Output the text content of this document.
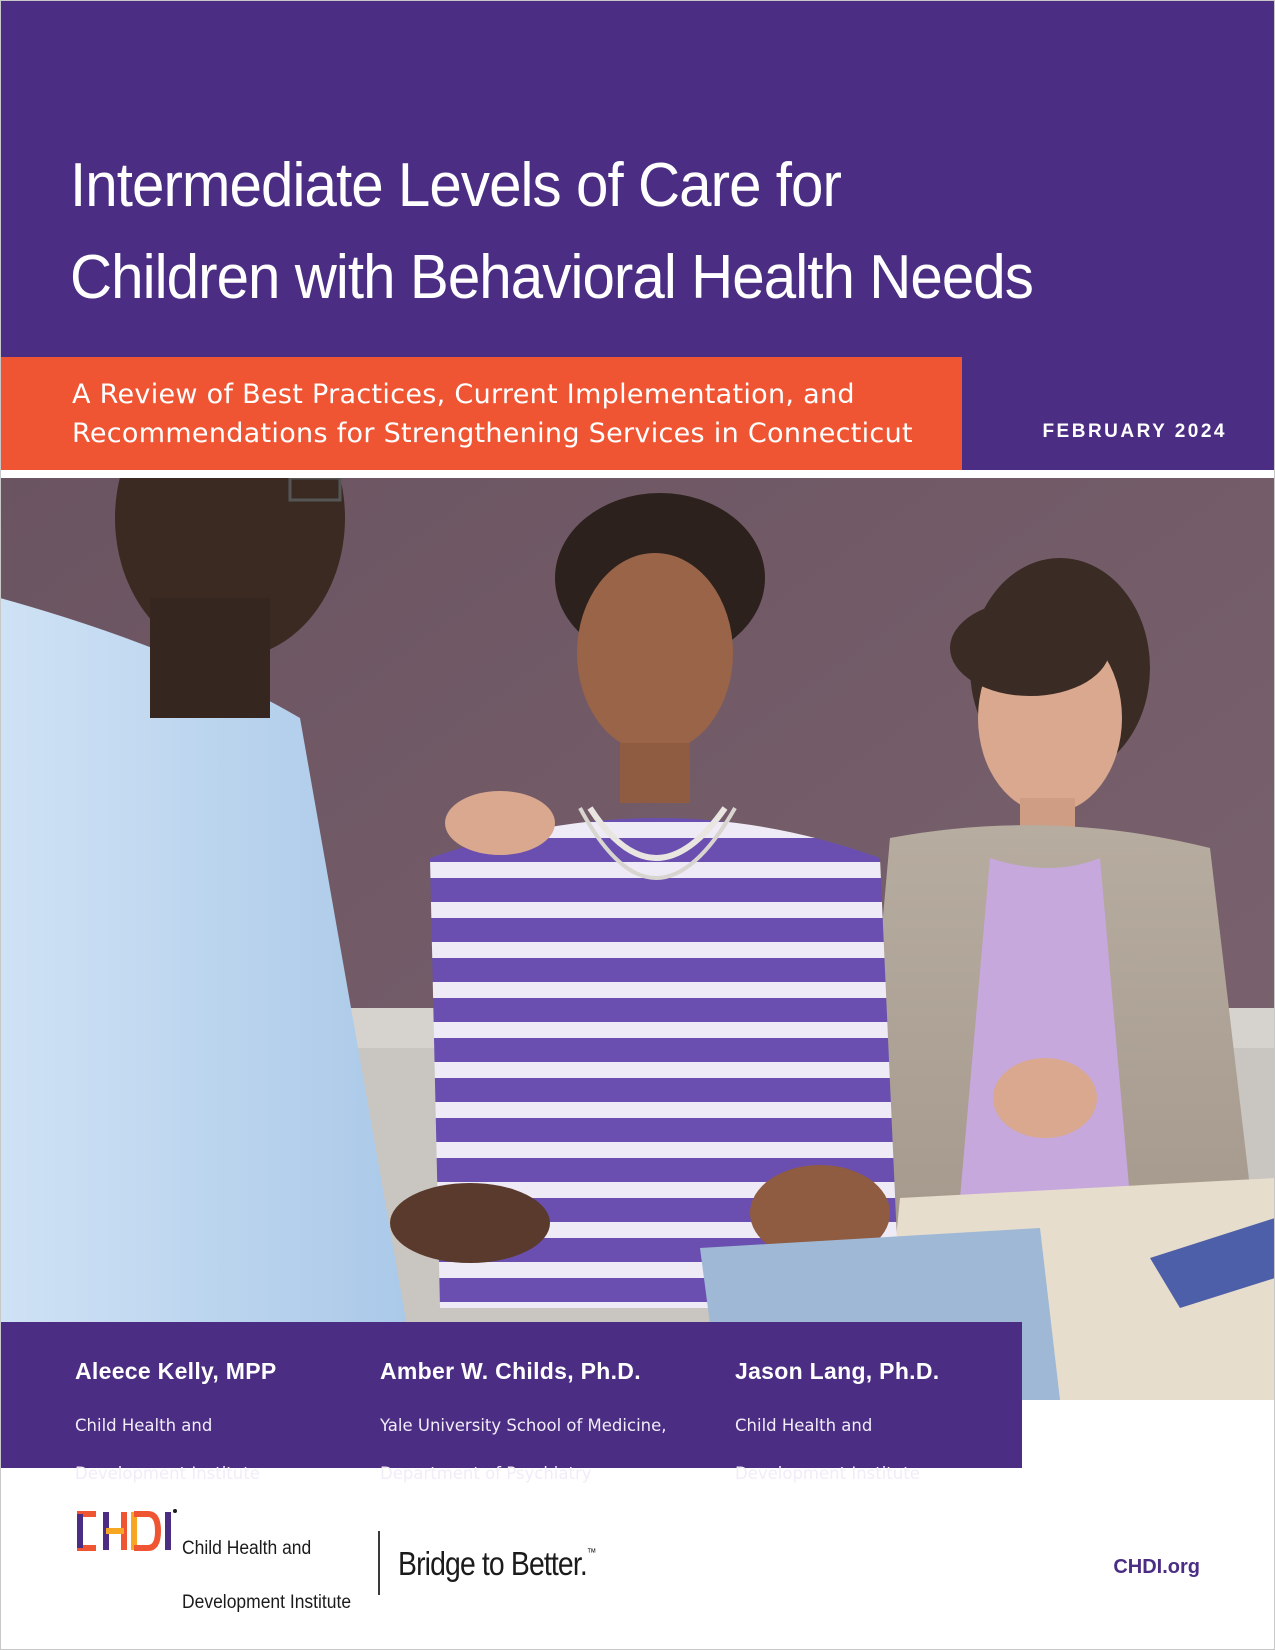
Intermediate Levels of Care for
Children with Behavioral Health Needs
A Review of Best Practices, Current Implementation, and
Recommendations for Strengthening Services in Connecticut	FEBRUARY 2024
Aleece Kelly, MPP

Child Health and

Development Institute

Amber W. Childs, Ph.D.

Yale University School of Medicine,

Department of Psychiatry

Jason Lang, Ph.D.

Child Health and

Development Institute

Child Health and

Development Institute

Bridge to Better.™
CHDI.org
